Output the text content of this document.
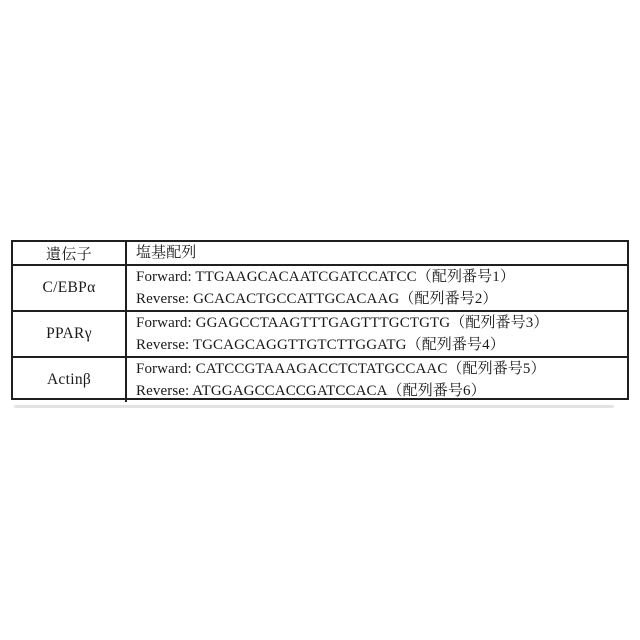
遺伝子	塩基配列
C/EBPα
Forward: TTGAAGCACAATCGATCCATCC（配列番号1）
Reverse: GCACACTGCCATTGCACAAG（配列番号2）
PPARγ
Forward: GGAGCCTAAGTTTGAGTTTGCTGTG（配列番号3）
Reverse: TGCAGCAGGTTGTCTTGGATG（配列番号4）
Actinβ
Forward: CATCCGTAAAGACCTCTATGCCAAC（配列番号5）
Reverse: ATGGAGCCACCGATCCACA（配列番号6）
